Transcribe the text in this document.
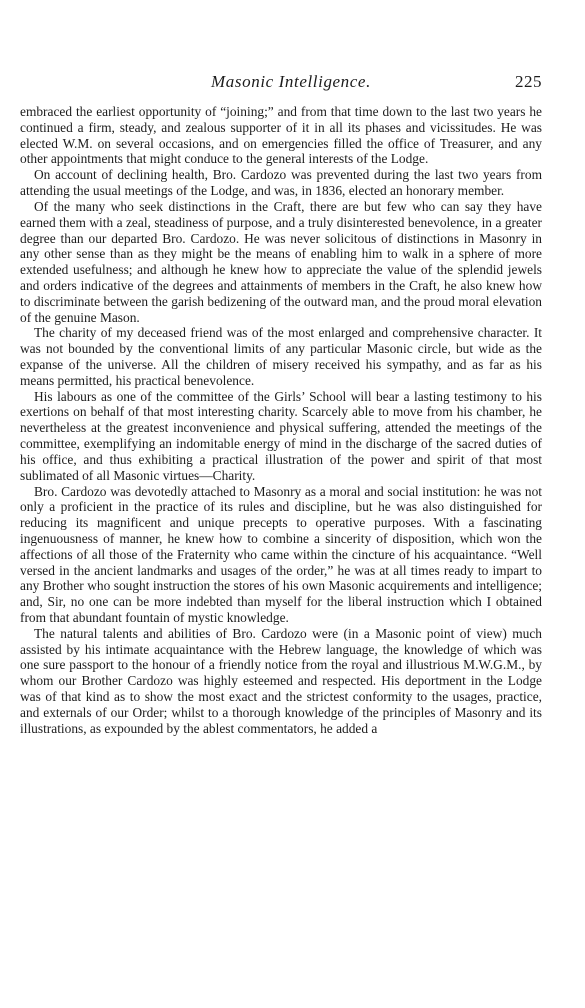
Masonic Intelligence.	225

embraced the earliest opportunity of “joining;” and from that time down to the last two years he continued a firm, steady, and zealous supporter of it in all its phases and vicissitudes. He was elected W.M. on several occasions, and on emergencies filled the office of Treasurer, and any other appointments that might conduce to the general interests of the Lodge.

On account of declining health, Bro. Cardozo was prevented during the last two years from attending the usual meetings of the Lodge, and was, in 1836, elected an honorary member.

Of the many who seek distinctions in the Craft, there are but few who can say they have earned them with a zeal, steadiness of purpose, and a truly disinterested benevolence, in a greater degree than our departed Bro. Cardozo. He was never solicitous of distinctions in Masonry in any other sense than as they might be the means of enabling him to walk in a sphere of more extended usefulness; and although he knew how to appreciate the value of the splendid jewels and orders indicative of the degrees and attainments of members in the Craft, he also knew how to discriminate between the garish bedizening of the outward man, and the proud moral elevation of the genuine Mason.

The charity of my deceased friend was of the most enlarged and comprehensive character. It was not bounded by the conventional limits of any particular Masonic circle, but wide as the expanse of the universe. All the children of misery received his sympathy, and as far as his means permitted, his practical benevolence.

His labours as one of the committee of the Girls’ School will bear a lasting testimony to his exertions on behalf of that most interesting charity. Scarcely able to move from his chamber, he nevertheless at the greatest inconvenience and physical suffering, attended the meetings of the committee, exemplifying an indomitable energy of mind in the discharge of the sacred duties of his office, and thus exhibiting a practical illustration of the power and spirit of that most sublimated of all Masonic virtues—Charity.

Bro. Cardozo was devotedly attached to Masonry as a moral and social institution: he was not only a proficient in the practice of its rules and discipline, but he was also distinguished for reducing its magnificent and unique precepts to operative purposes. With a fascinating ingenuousness of manner, he knew how to combine a sincerity of disposition, which won the affections of all those of the Fraternity who came within the cincture of his acquaintance. “Well versed in the ancient landmarks and usages of the order,” he was at all times ready to impart to any Brother who sought instruction the stores of his own Masonic acquirements and intelligence; and, Sir, no one can be more indebted than myself for the liberal instruction which I obtained from that abundant fountain of mystic knowledge.

The natural talents and abilities of Bro. Cardozo were (in a Masonic point of view) much assisted by his intimate acquaintance with the Hebrew language, the knowledge of which was one sure passport to the honour of a friendly notice from the royal and illustrious M.W.G.M., by whom our Brother Cardozo was highly esteemed and respected. His deportment in the Lodge was of that kind as to show the most exact and the strictest conformity to the usages, practice, and externals of our Order; whilst to a thorough knowledge of the principles of Masonry and its illustrations, as expounded by the ablest commentators, he added a
